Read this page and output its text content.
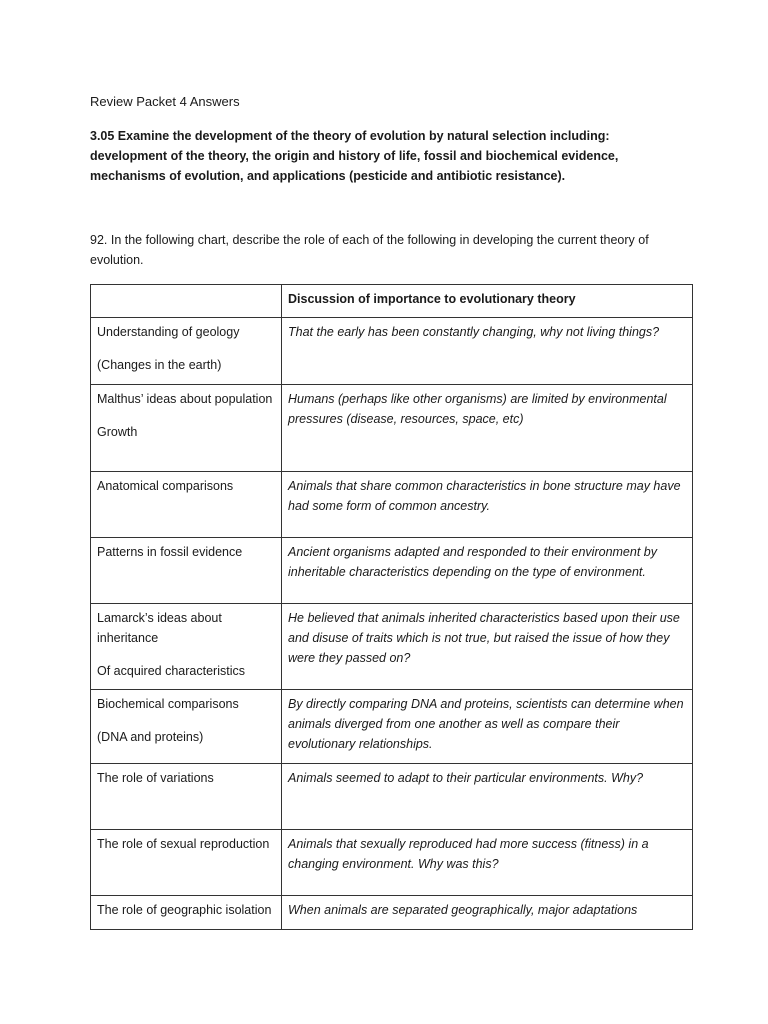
Review Packet 4 Answers
3.05 Examine the development of the theory of evolution by natural selection including: development of the theory, the origin and history of life, fossil and biochemical evidence, mechanisms of evolution, and applications (pesticide and antibiotic resistance).
92. In the following chart, describe the role of each of the following in developing the current theory of evolution.
	Discussion of importance to evolutionary theory

Understanding of geology
(Changes in the earth)	That the early has been constantly changing, why not living things?

Malthus’ ideas about population
Growth	Humans (perhaps like other organisms) are limited by environmental pressures (disease, resources, space, etc)

Anatomical comparisons	Animals that share common characteristics in bone structure may have had some form of common ancestry.

Patterns in fossil evidence	Ancient organisms adapted and responded to their environment by inheritable characteristics depending on the type of environment.

Lamarck’s ideas about inheritance
Of acquired characteristics	He believed that animals inherited characteristics based upon their use and disuse of traits which is not true, but raised the issue of how they were they passed on?

Biochemical comparisons
(DNA and proteins)	By directly comparing DNA and proteins, scientists can determine when animals diverged from one another as well as compare their evolutionary relationships.

The role of variations	Animals seemed to adapt to their particular environments. Why?

The role of sexual reproduction	Animals that sexually reproduced had more success (fitness) in a changing environment. Why was this?

The role of geographic isolation	When animals are separated geographically, major adaptations
